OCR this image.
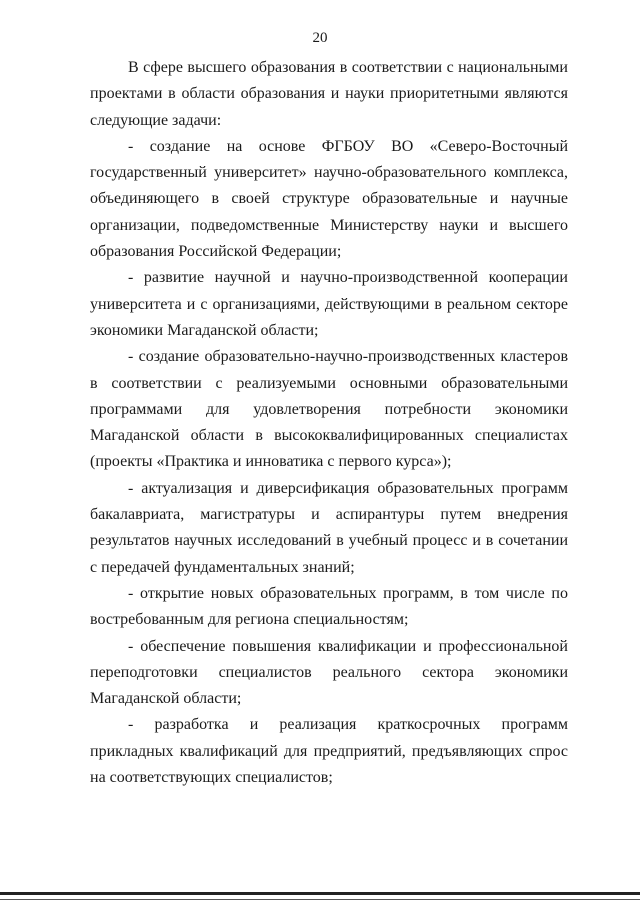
20

В сфере высшего образования в соответствии с национальными проектами в области образования и науки приоритетными являются следующие задачи:

- создание на основе ФГБОУ ВО «Северо-Восточный государственный университет» научно-образовательного комплекса, объединяющего в своей структуре образовательные и научные организации, подведомственные Министерству науки и высшего образования Российской Федерации;

- развитие научной и научно-производственной кооперации университета и с организациями, действующими в реальном секторе экономики Магаданской области;

- создание образовательно-научно-производственных кластеров в соответствии с реализуемыми основными образовательными программами для удовлетворения потребности экономики Магаданской области в высококвалифицированных специалистах (проекты «Практика и инноватика с первого курса»);

- актуализация и диверсификация образовательных программ бакалавриата, магистратуры и аспирантуры путем внедрения результатов научных исследований в учебный процесс и в сочетании с передачей фундаментальных знаний;

- открытие новых образовательных программ, в том числе по востребованным для региона специальностям;

- обеспечение повышения квалификации и профессиональной переподготовки специалистов реального сектора экономики Магаданской области;

- разработка и реализация краткосрочных программ прикладных квалификаций для предприятий, предъявляющих спрос на соответствующих специалистов;
